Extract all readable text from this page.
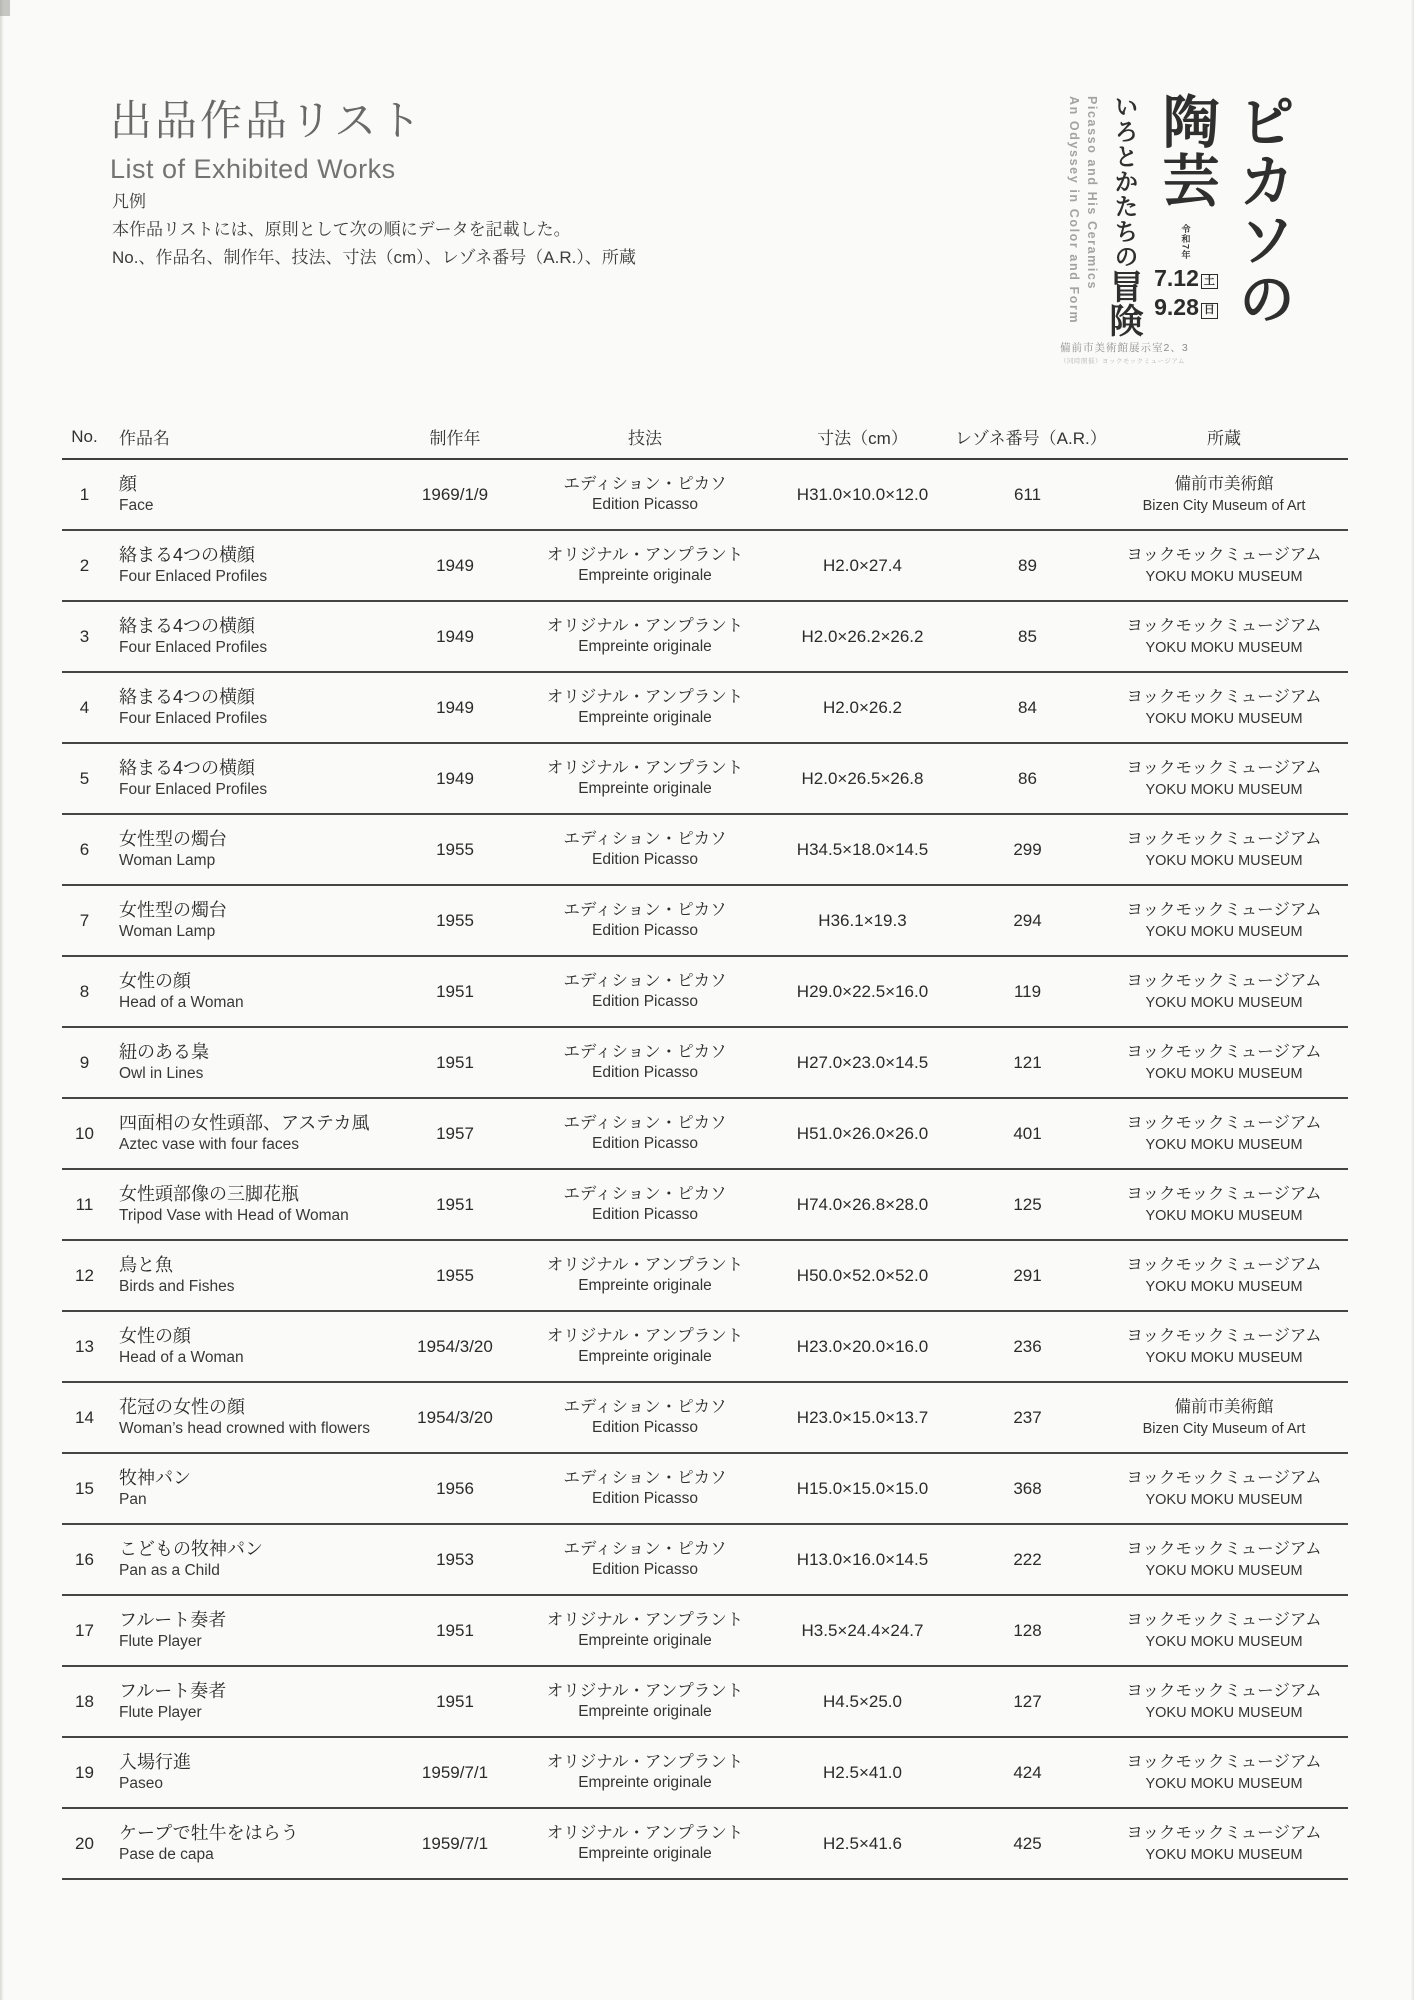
出品作品リスト
List of Exhibited Works
凡例
本作品リストには、原則として次の順にデータを記載した。
No.、作品名、制作年、技法、寸法（cm）、レゾネ番号（A.R.）、所蔵	ピカソの
陶芸
令和7年
7.12 土
9.28 日
いろとかたちの冒険
Picasso and His Ceramics
An Odyssey in Color and Form
備前市美術館展示室2、3
（同時開催）ヨックモックミュージアム
No.	作品名	制作年	技法	寸法（cm）	レゾネ番号（A.R.）	所蔵
1	
顔
Face
	1969/1/9	
エディション・ピカソ
Edition Picasso
	H31.0×10.0×12.0	611	
備前市美術館
Bizen City Museum of Art

2	
絡まる4つの横顔
Four Enlaced Profiles
	1949	
オリジナル・アンプラント
Empreinte originale
	H2.0×27.4	89	
ヨックモックミュージアム
YOKU MOKU MUSEUM

3	
絡まる4つの横顔
Four Enlaced Profiles
	1949	
オリジナル・アンプラント
Empreinte originale
	H2.0×26.2×26.2	85	
ヨックモックミュージアム
YOKU MOKU MUSEUM

4	
絡まる4つの横顔
Four Enlaced Profiles
	1949	
オリジナル・アンプラント
Empreinte originale
	H2.0×26.2	84	
ヨックモックミュージアム
YOKU MOKU MUSEUM

5	
絡まる4つの横顔
Four Enlaced Profiles
	1949	
オリジナル・アンプラント
Empreinte originale
	H2.0×26.5×26.8	86	
ヨックモックミュージアム
YOKU MOKU MUSEUM

6	
女性型の燭台
Woman Lamp
	1955	
エディション・ピカソ
Edition Picasso
	H34.5×18.0×14.5	299	
ヨックモックミュージアム
YOKU MOKU MUSEUM

7	
女性型の燭台
Woman Lamp
	1955	
エディション・ピカソ
Edition Picasso
	H36.1×19.3	294	
ヨックモックミュージアム
YOKU MOKU MUSEUM

8	
女性の顔
Head of a Woman
	1951	
エディション・ピカソ
Edition Picasso
	H29.0×22.5×16.0	119	
ヨックモックミュージアム
YOKU MOKU MUSEUM

9	
紐のある梟
Owl in Lines
	1951	
エディション・ピカソ
Edition Picasso
	H27.0×23.0×14.5	121	
ヨックモックミュージアム
YOKU MOKU MUSEUM

10	
四面相の女性頭部、アステカ風
Aztec vase with four faces
	1957	
エディション・ピカソ
Edition Picasso
	H51.0×26.0×26.0	401	
ヨックモックミュージアム
YOKU MOKU MUSEUM

11	
女性頭部像の三脚花瓶
Tripod Vase with Head of Woman
	1951	
エディション・ピカソ
Edition Picasso
	H74.0×26.8×28.0	125	
ヨックモックミュージアム
YOKU MOKU MUSEUM

12	
鳥と魚
Birds and Fishes
	1955	
オリジナル・アンプラント
Empreinte originale
	H50.0×52.0×52.0	291	
ヨックモックミュージアム
YOKU MOKU MUSEUM

13	
女性の顔
Head of a Woman
	1954/3/20	
オリジナル・アンプラント
Empreinte originale
	H23.0×20.0×16.0	236	
ヨックモックミュージアム
YOKU MOKU MUSEUM

14	
花冠の女性の顔
Woman’s head crowned with flowers
	1954/3/20	
エディション・ピカソ
Edition Picasso
	H23.0×15.0×13.7	237	
備前市美術館
Bizen City Museum of Art

15	
牧神パン
Pan
	1956	
エディション・ピカソ
Edition Picasso
	H15.0×15.0×15.0	368	
ヨックモックミュージアム
YOKU MOKU MUSEUM

16	
こどもの牧神パン
Pan as a Child
	1953	
エディション・ピカソ
Edition Picasso
	H13.0×16.0×14.5	222	
ヨックモックミュージアム
YOKU MOKU MUSEUM

17	
フルート奏者
Flute Player
	1951	
オリジナル・アンプラント
Empreinte originale
	H3.5×24.4×24.7	128	
ヨックモックミュージアム
YOKU MOKU MUSEUM

18	
フルート奏者
Flute Player
	1951	
オリジナル・アンプラント
Empreinte originale
	H4.5×25.0	127	
ヨックモックミュージアム
YOKU MOKU MUSEUM

19	
入場行進
Paseo
	1959/7/1	
オリジナル・アンプラント
Empreinte originale
	H2.5×41.0	424	
ヨックモックミュージアム
YOKU MOKU MUSEUM

20	
ケープで牡牛をはらう
Pase de capa
	1959/7/1	
オリジナル・アンプラント
Empreinte originale
	H2.5×41.6	425	
ヨックモックミュージアム
YOKU MOKU MUSEUM
